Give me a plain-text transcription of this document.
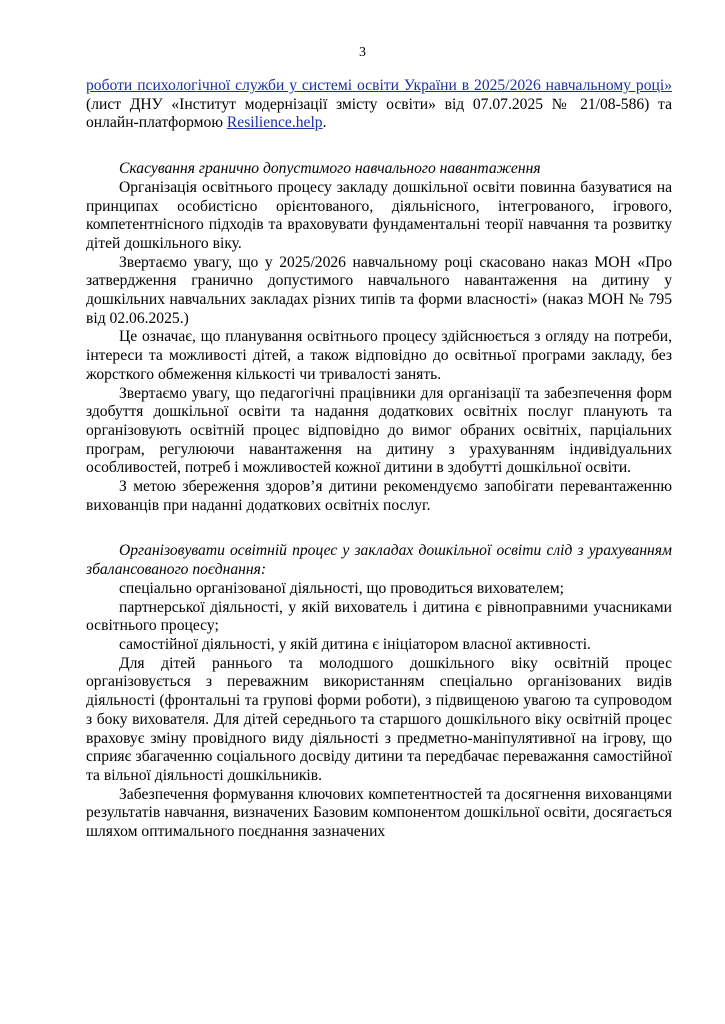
3

роботи психологічної служби у системі освіти України в 2025/2026 навчальному році» (лист ДНУ «Інститут модернізації змісту освіти» від 07.07.2025 № 21/08-586) та онлайн-платформою Resilience.help.

Скасування гранично допустимого навчального навантаження

Організація освітнього процесу закладу дошкільної освіти повинна базуватися на принципах особистісно орієнтованого, діяльнісного, інтегрованого, ігрового, компетентнісного підходів та враховувати фундаментальні теорії навчання та розвитку дітей дошкільного віку.

Звертаємо увагу, що у 2025/2026 навчальному році скасовано наказ МОН «Про затвердження гранично допустимого навчального навантаження на дитину у дошкільних навчальних закладах різних типів та форми власності» (наказ МОН № 795 від 02.06.2025.)

Це означає, що планування освітнього процесу здійснюється з огляду на потреби, інтереси та можливості дітей, а також відповідно до освітньої програми закладу, без жорсткого обмеження кількості чи тривалості занять.

Звертаємо увагу, що педагогічні працівники для організації та забезпечення форм здобуття дошкільної освіти та надання додаткових освітніх послуг планують та організовують освітній процес відповідно до вимог обраних освітніх, парціальних програм, регулюючи навантаження на дитину з урахуванням індивідуальних особливостей, потреб і можливостей кожної дитини в здобутті дошкільної освіти.

З метою збереження здоров’я дитини рекомендуємо запобігати перевантаженню вихованців при наданні додаткових освітніх послуг.

Організовувати освітній процес у закладах дошкільної освіти слід з урахуванням збалансованого поєднання:

спеціально організованої діяльності, що проводиться вихователем;

партнерської діяльності, у якій вихователь і дитина є рівноправними учасниками освітнього процесу;

самостійної діяльності, у якій дитина є ініціатором власної активності.

Для дітей раннього та молодшого дошкільного віку освітній процес організовується з переважним використанням спеціально організованих видів діяльності (фронтальні та групові форми роботи), з підвищеною увагою та супроводом з боку вихователя. Для дітей середнього та старшого дошкільного віку освітній процес враховує зміну провідного виду діяльності з предметно-маніпулятивної на ігрову, що сприяє збагаченню соціального досвіду дитини та передбачає переважання самостійної та вільної діяльності дошкільників.

Забезпечення формування ключових компетентностей та досягнення вихованцями результатів навчання, визначених Базовим компонентом дошкільної освіти, досягається шляхом оптимального поєднання зазначених
